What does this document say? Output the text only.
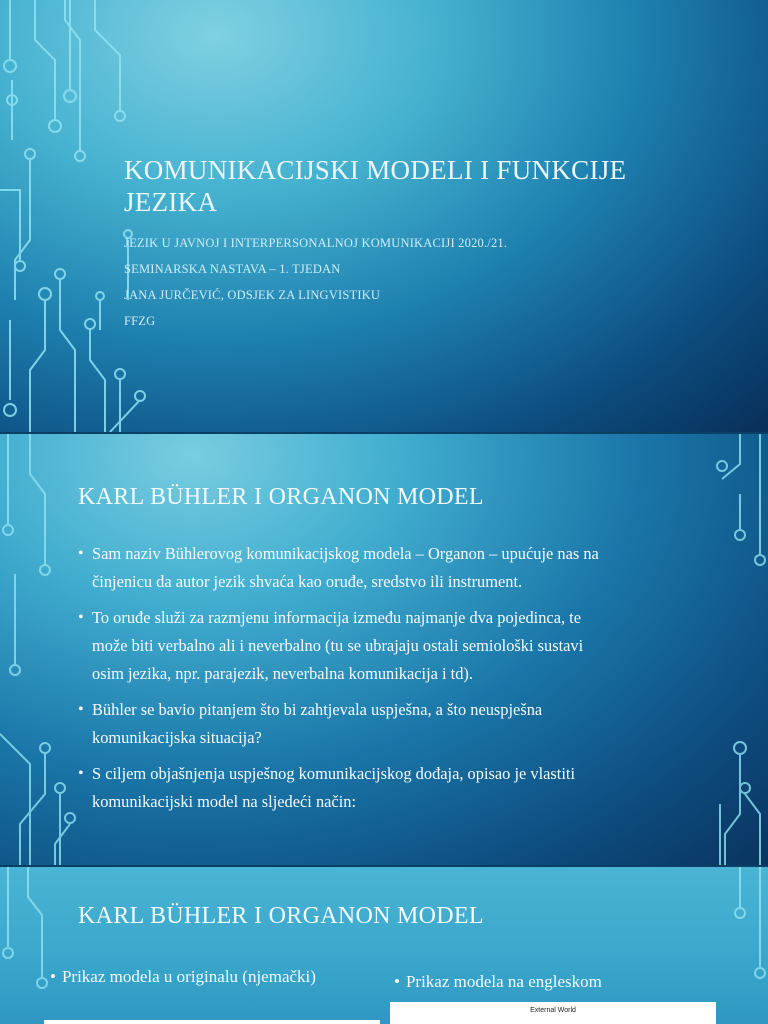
KOMUNIKACIJSKI MODELI I FUNKCIJE
JEZIKA
JEZIK U JAVNOJ I INTERPERSONALNOJ KOMUNIKACIJI 2020./21.
SEMINARSKA NASTAVA – 1. TJEDAN
JANA JURČEVIĆ, ODSJEK ZA LINGVISTIKU
FFZG
KARL BÜHLER I ORGANON MODEL
• Sam naziv Bühlerovog komunikacijskog modela – Organon – upućuje nas na
činjenicu da autor jezik shvaća kao oruđe, sredstvo ili instrument.
• To oruđe služi za razmjenu informacija između najmanje dva pojedinca, te
može biti verbalno ali i neverbalno (tu se ubrajaju ostali semiološki sustavi
osim jezika, npr. parajezik, neverbalna komunikacija i td).
• Bühler se bavio pitanjem što bi zahtjevala uspješna, a što neuspješna
komunikacijska situacija?
• S ciljem objašnjenja uspješnog komunikacijskog dođaja, opisao je vlastiti
komunikacijski model na sljedeći način:
KARL BÜHLER I ORGANON MODEL
• Prikaz modela u originalu (njemački)	• Prikaz modela na engleskom
External World
